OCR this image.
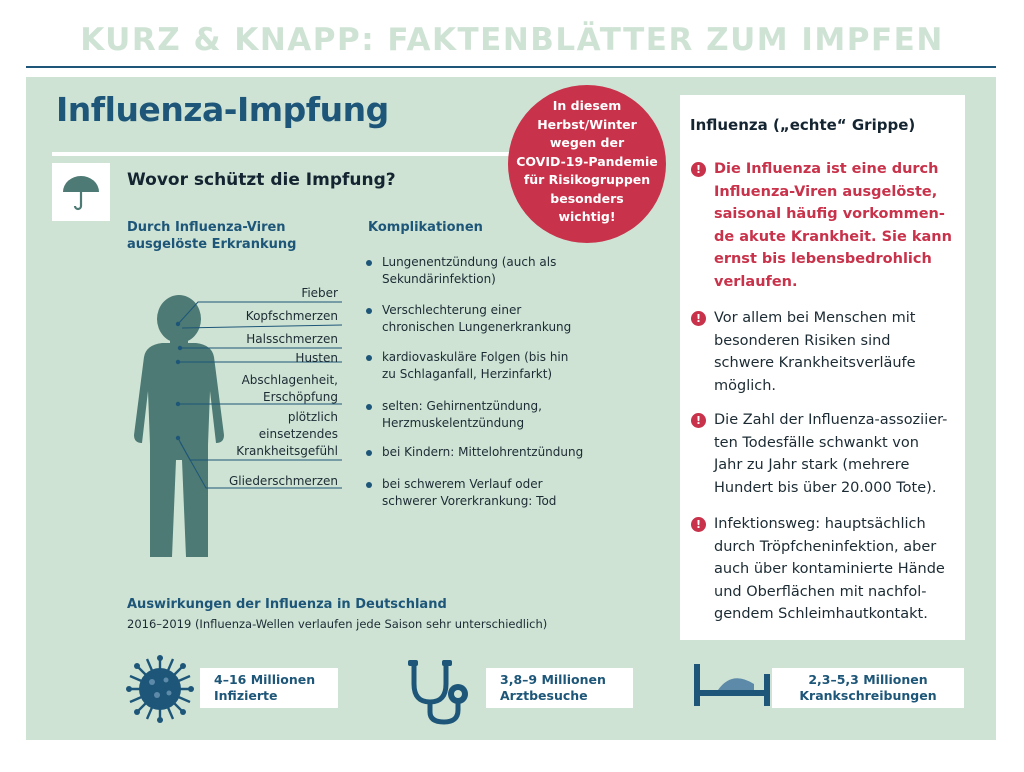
KURZ & KNAPP: FAKTENBLÄTTER ZUM IMPFEN
Influenza-Impfung
Wovor schützt die Impfung?
In diesem
Herbst/Winter
wegen der
COVID-19-Pandemie
für Risikogruppen
besonders
wichtig!
Durch Influenza-Viren
ausgelöste Erkrankung
Fieber
Kopfschmerzen
Halsschmerzen
Husten
Abschlagenheit,
Erschöpfung
plötzlich
einsetzendes
Krankheitsgefühl
Gliederschmerzen
Komplikationen
Lungenentzündung (auch als
Sekundärinfektion)
Verschlechterung einer
chronischen Lungenerkrankung
kardiovaskuläre Folgen (bis hin
zu Schlaganfall, Herzinfarkt)
selten: Gehirnentzündung,
Herzmuskelentzündung
bei Kindern: Mittelohrentzündung
bei schwerem Verlauf oder
schwerer Vorerkrankung: Tod
Auswirkungen der Influenza in Deutschland
2016–2019 (Influenza-Wellen verlaufen jede Saison sehr unterschiedlich)
4–16 Millionen
Infizierte
3,8–9 Millionen
Arztbesuche
2,3–5,3 Millionen
Krankschreibungen
Influenza („echte“ Grippe)
! Die Influenza ist eine durch
Influenza-Viren ausgelöste,
saisonal häufig vorkommen-
de akute Krankheit. Sie kann
ernst bis lebensbedrohlich
verlaufen.
! Vor allem bei Menschen mit
besonderen Risiken sind
schwere Krankheitsverläufe
möglich.
! Die Zahl der Influenza-assoziier-
ten Todesfälle schwankt von
Jahr zu Jahr stark (mehrere
Hundert bis über 20.000 Tote).
! Infektionsweg: hauptsächlich
durch Tröpfcheninfektion, aber
auch über kontaminierte Hände
und Oberflächen mit nachfol-
gendem Schleimhautkontakt.
